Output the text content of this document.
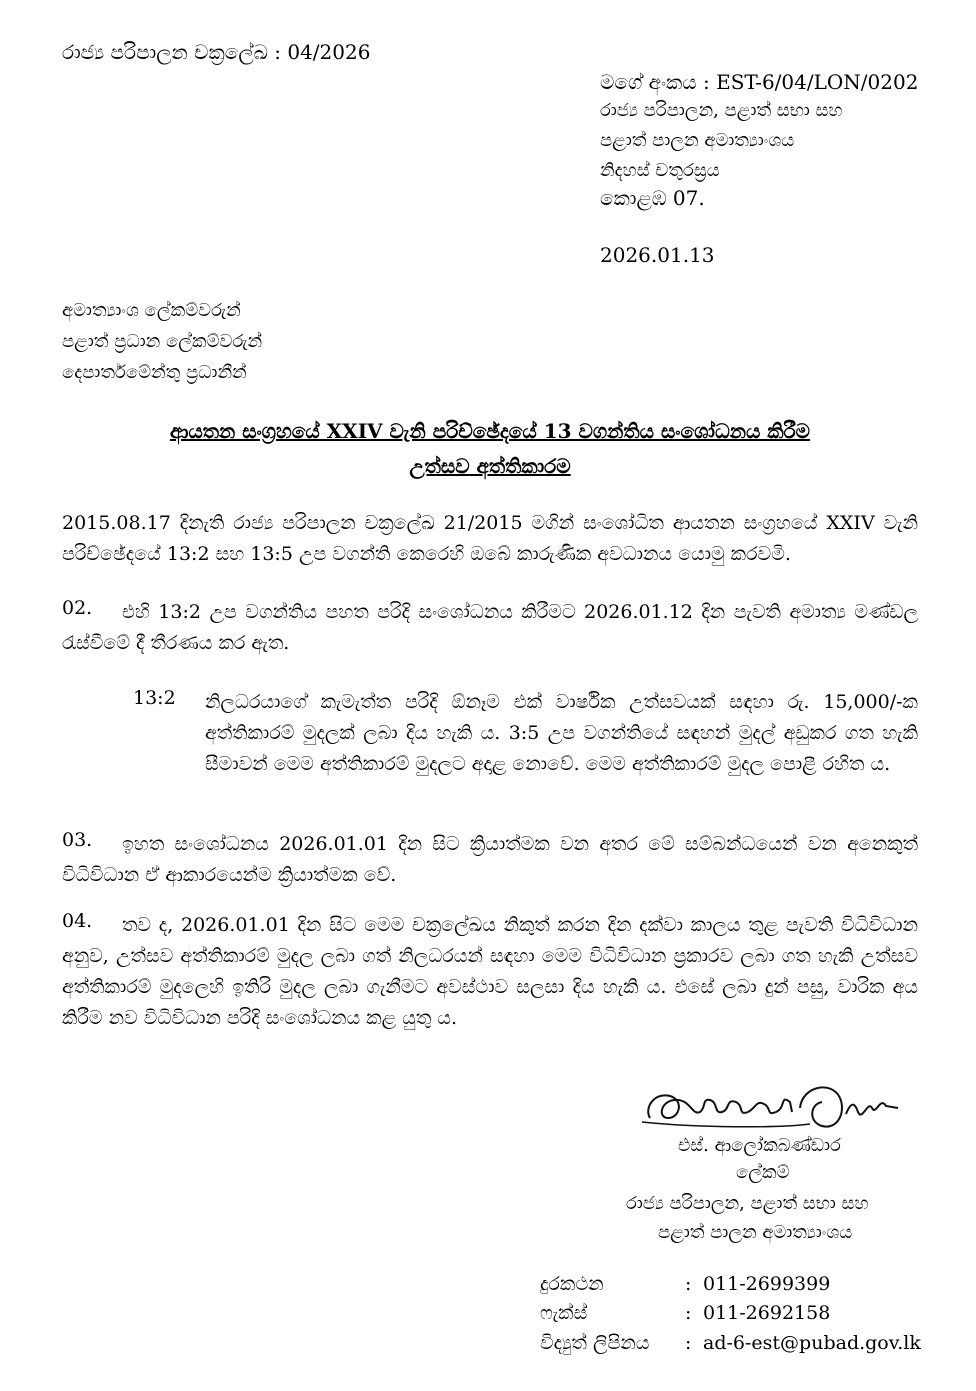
රාජ්‍ය පරිපාලන චක්‍රලේඛ : 04/2026
මගේ අංකය : EST-6/04/LON/0202
රාජ්‍ය පරිපාලන, පළාත් සභා සහ
පළාත් පාලන අමාත්‍යාංශය
නිදහස් චතුරස්‍රය
කොළඹ 07.
2026.01.13
අමාත්‍යාංශ ලේකම්වරුන්
පළාත් ප්‍රධාන ලේකම්වරුන්
දෙපාර්තමේන්තු ප්‍රධානීන්
ආයතන සංග්‍රහයේ XXIV වැනි පරිච්ඡේදයේ 13 වගන්තිය සංශෝධනය කිරීම
උත්සව අත්තිකාරම
2015.08.17 දිනැති රාජ්‍ය පරිපාලන චක්‍රලේඛ 21/2015 මගින් සංශෝධිත ආයතන සංග්‍රහයේ XXIV වැනි පරිච්ඡේදයේ 13:2 සහ 13:5 උප වගන්ති කෙරෙහි ඔබේ කාරුණික අවධානය යොමු කරවමි.
02.	එහි 13:2 උප වගන්තිය පහත පරිදි සංශෝධනය කිරීමට 2026.01.12 දින පැවති අමාත්‍ය මණ්ඩල රැස්වීමේ දී තීරණය කර ඇත.
13:2 නිලධරයාගේ කැමැත්ත පරිදි ඕනෑම එක් වාර්ෂික උත්සවයක් සඳහා රු. 15,000/-ක අත්තිකාරම් මුදලක් ලබා දිය හැකි ය. 3:5 උප වගන්තියේ සඳහන් මුදල් අඩුකර ගත හැකි සීමාවන් මෙම අත්තිකාරම් මුදලට අදාළ නොවේ. මෙම අත්තිකාරම් මුදල පොළී රහිත ය.
03.	ඉහත සංශෝධනය 2026.01.01 දින සිට ක්‍රියාත්මක වන අතර මේ සම්බන්ධයෙන් වන අනෙකුත් විධිවිධාන ඒ ආකාරයෙන්ම ක්‍රියාත්මක වේ.
04.	තව ද, 2026.01.01 දින සිට මෙම චක්‍රලේඛය නිකුත් කරන දින දක්වා කාලය තුළ පැවති විධිවිධාන අනුව, උත්සව අත්තිකාරම් මුදල ලබා ගත් නිලධරයන් සඳහා මෙම විධිවිධාන ප්‍රකාරව ලබා ගත හැකි උත්සව අත්තිකාරම් මුදලෙහි ඉතිරි මුදල ලබා ගැනීමට අවස්ථාව සලසා දිය හැකි ය. එසේ ලබා දුන් පසු, වාරික අය කිරීම නව විධිවිධාන පරිදි සංශෝධනය කළ යුතු ය.
එස්. ආලෝකබණ්ඩාර
ලේකම්
රාජ්‍ය පරිපාලන, පළාත් සභා සහ
පළාත් පාලන අමාත්‍යාංශය
දුරකථන	: 011-2699399
ෆැක්ස්	: 011-2692158
විද්‍යුත් ලිපිනය : ad-6-est@pubad.gov.lk
